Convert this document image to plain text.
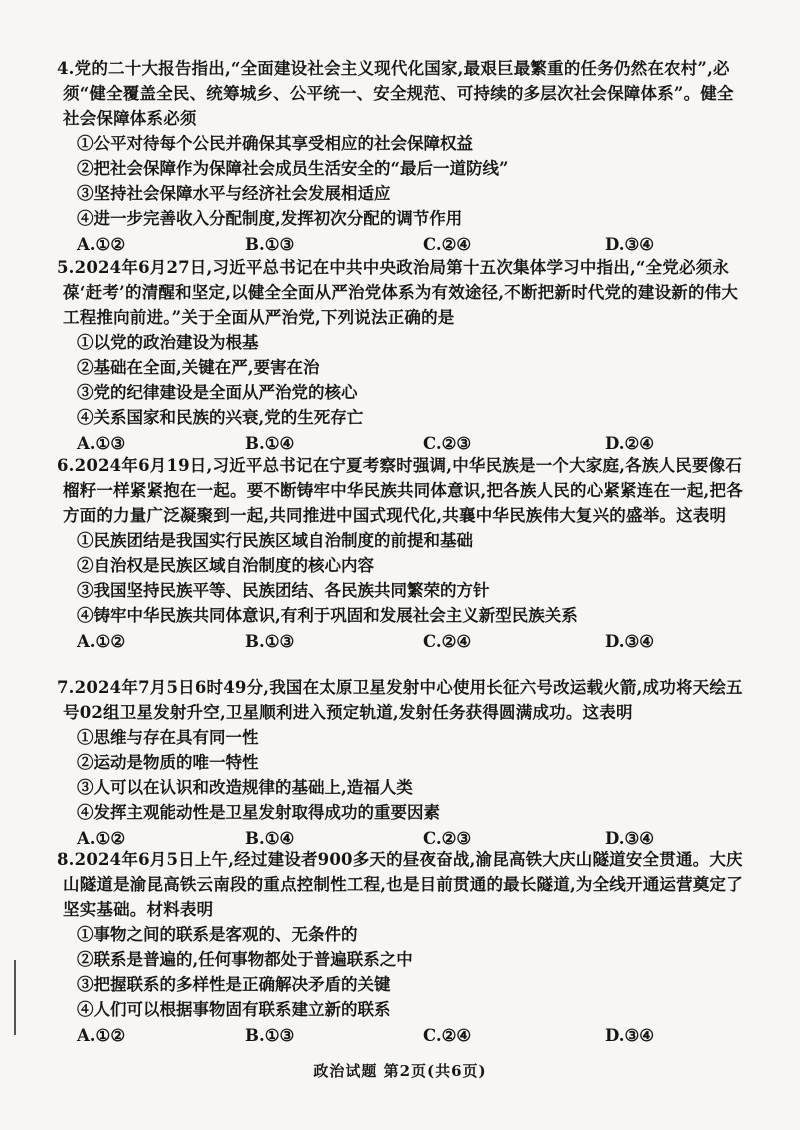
4.党的二十大报告指出,“全面建设社会主义现代化国家,最艰巨最繁重的任务仍然在农村”,必须“健全覆盖全民、统筹城乡、公平统一、安全规范、可持续的多层次社会保障体系”。健全社会保障体系必须

①公平对待每个公民并确保其享受相应的社会保障权益

②把社会保障作为保障社会成员生活安全的“最后一道防线”

③坚持社会保障水平与经济社会发展相适应

④进一步完善收入分配制度,发挥初次分配的调节作用

A.①②	B.①③	C.②④	D.③④

5.2024年6月27日,习近平总书记在中共中央政治局第十五次集体学习中指出,“全党必须永葆‘赶考’的清醒和坚定,以健全全面从严治党体系为有效途径,不断把新时代党的建设新的伟大工程推向前进。”关于全面从严治党,下列说法正确的是

①以党的政治建设为根基

②基础在全面,关键在严,要害在治

③党的纪律建设是全面从严治党的核心

④关系国家和民族的兴衰,党的生死存亡

A.①③	B.①④	C.②③	D.②④

6.2024年6月19日,习近平总书记在宁夏考察时强调,中华民族是一个大家庭,各族人民要像石榴籽一样紧紧抱在一起。要不断铸牢中华民族共同体意识,把各族人民的心紧紧连在一起,把各方面的力量广泛凝聚到一起,共同推进中国式现代化,共襄中华民族伟大复兴的盛举。这表明

①民族团结是我国实行民族区域自治制度的前提和基础

②自治权是民族区域自治制度的核心内容

③我国坚持民族平等、民族团结、各民族共同繁荣的方针

④铸牢中华民族共同体意识,有利于巩固和发展社会主义新型民族关系

A.①②	B.①③	C.②④	D.③④

7.2024年7月5日6时49分,我国在太原卫星发射中心使用长征六号改运载火箭,成功将天绘五号02组卫星发射升空,卫星顺利进入预定轨道,发射任务获得圆满成功。这表明

①思维与存在具有同一性

②运动是物质的唯一特性

③人可以在认识和改造规律的基础上,造福人类

④发挥主观能动性是卫星发射取得成功的重要因素

A.①②	B.①④	C.②③	D.③④

8.2024年6月5日上午,经过建设者900多天的昼夜奋战,渝昆高铁大庆山隧道安全贯通。大庆山隧道是渝昆高铁云南段的重点控制性工程,也是目前贯通的最长隧道,为全线开通运营奠定了坚实基础。材料表明

①事物之间的联系是客观的、无条件的

②联系是普遍的,任何事物都处于普遍联系之中

③把握联系的多样性是正确解决矛盾的关键

④人们可以根据事物固有联系建立新的联系

A.①②	B.①③	C.②④	D.③④
政治试题 第2页(共6页)
